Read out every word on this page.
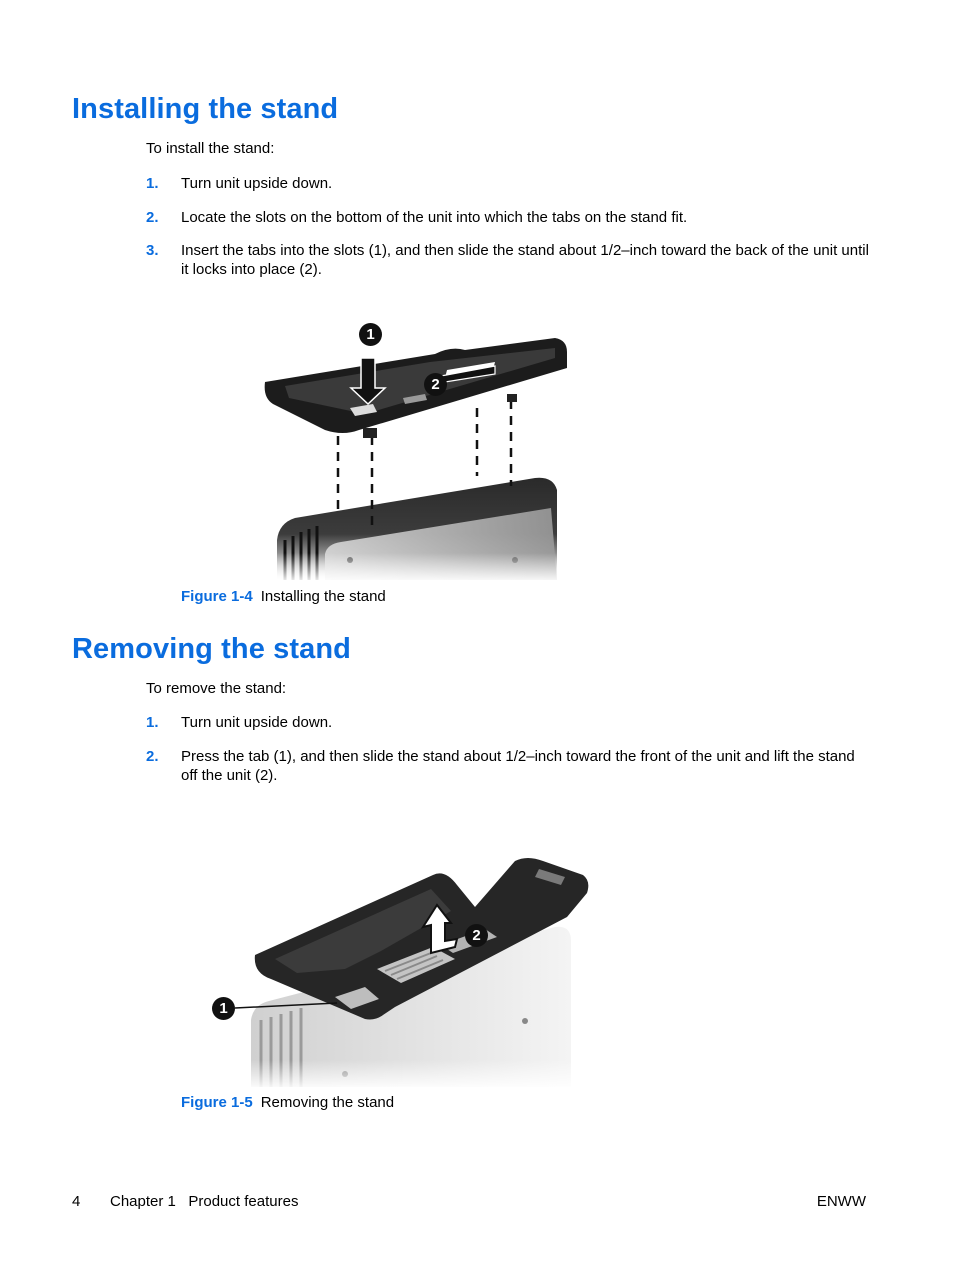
Installing the stand

To install the stand:

1. Turn unit upside down.
2. Locate the slots on the bottom of the unit into which the tabs on the stand fit.
3. Insert the tabs into the slots (1), and then slide the stand about 1/2–inch toward the back of the unit until it locks into place (2).
1
2
Figure 1-4 Installing the stand
Removing the stand

To remove the stand:

1. Turn unit upside down.
2. Press the tab (1), and then slide the stand about 1/2–inch toward the front of the unit and lift the stand off the unit (2).
1
2
Figure 1-5 Removing the stand
4 Chapter 1   Product features	ENWW
